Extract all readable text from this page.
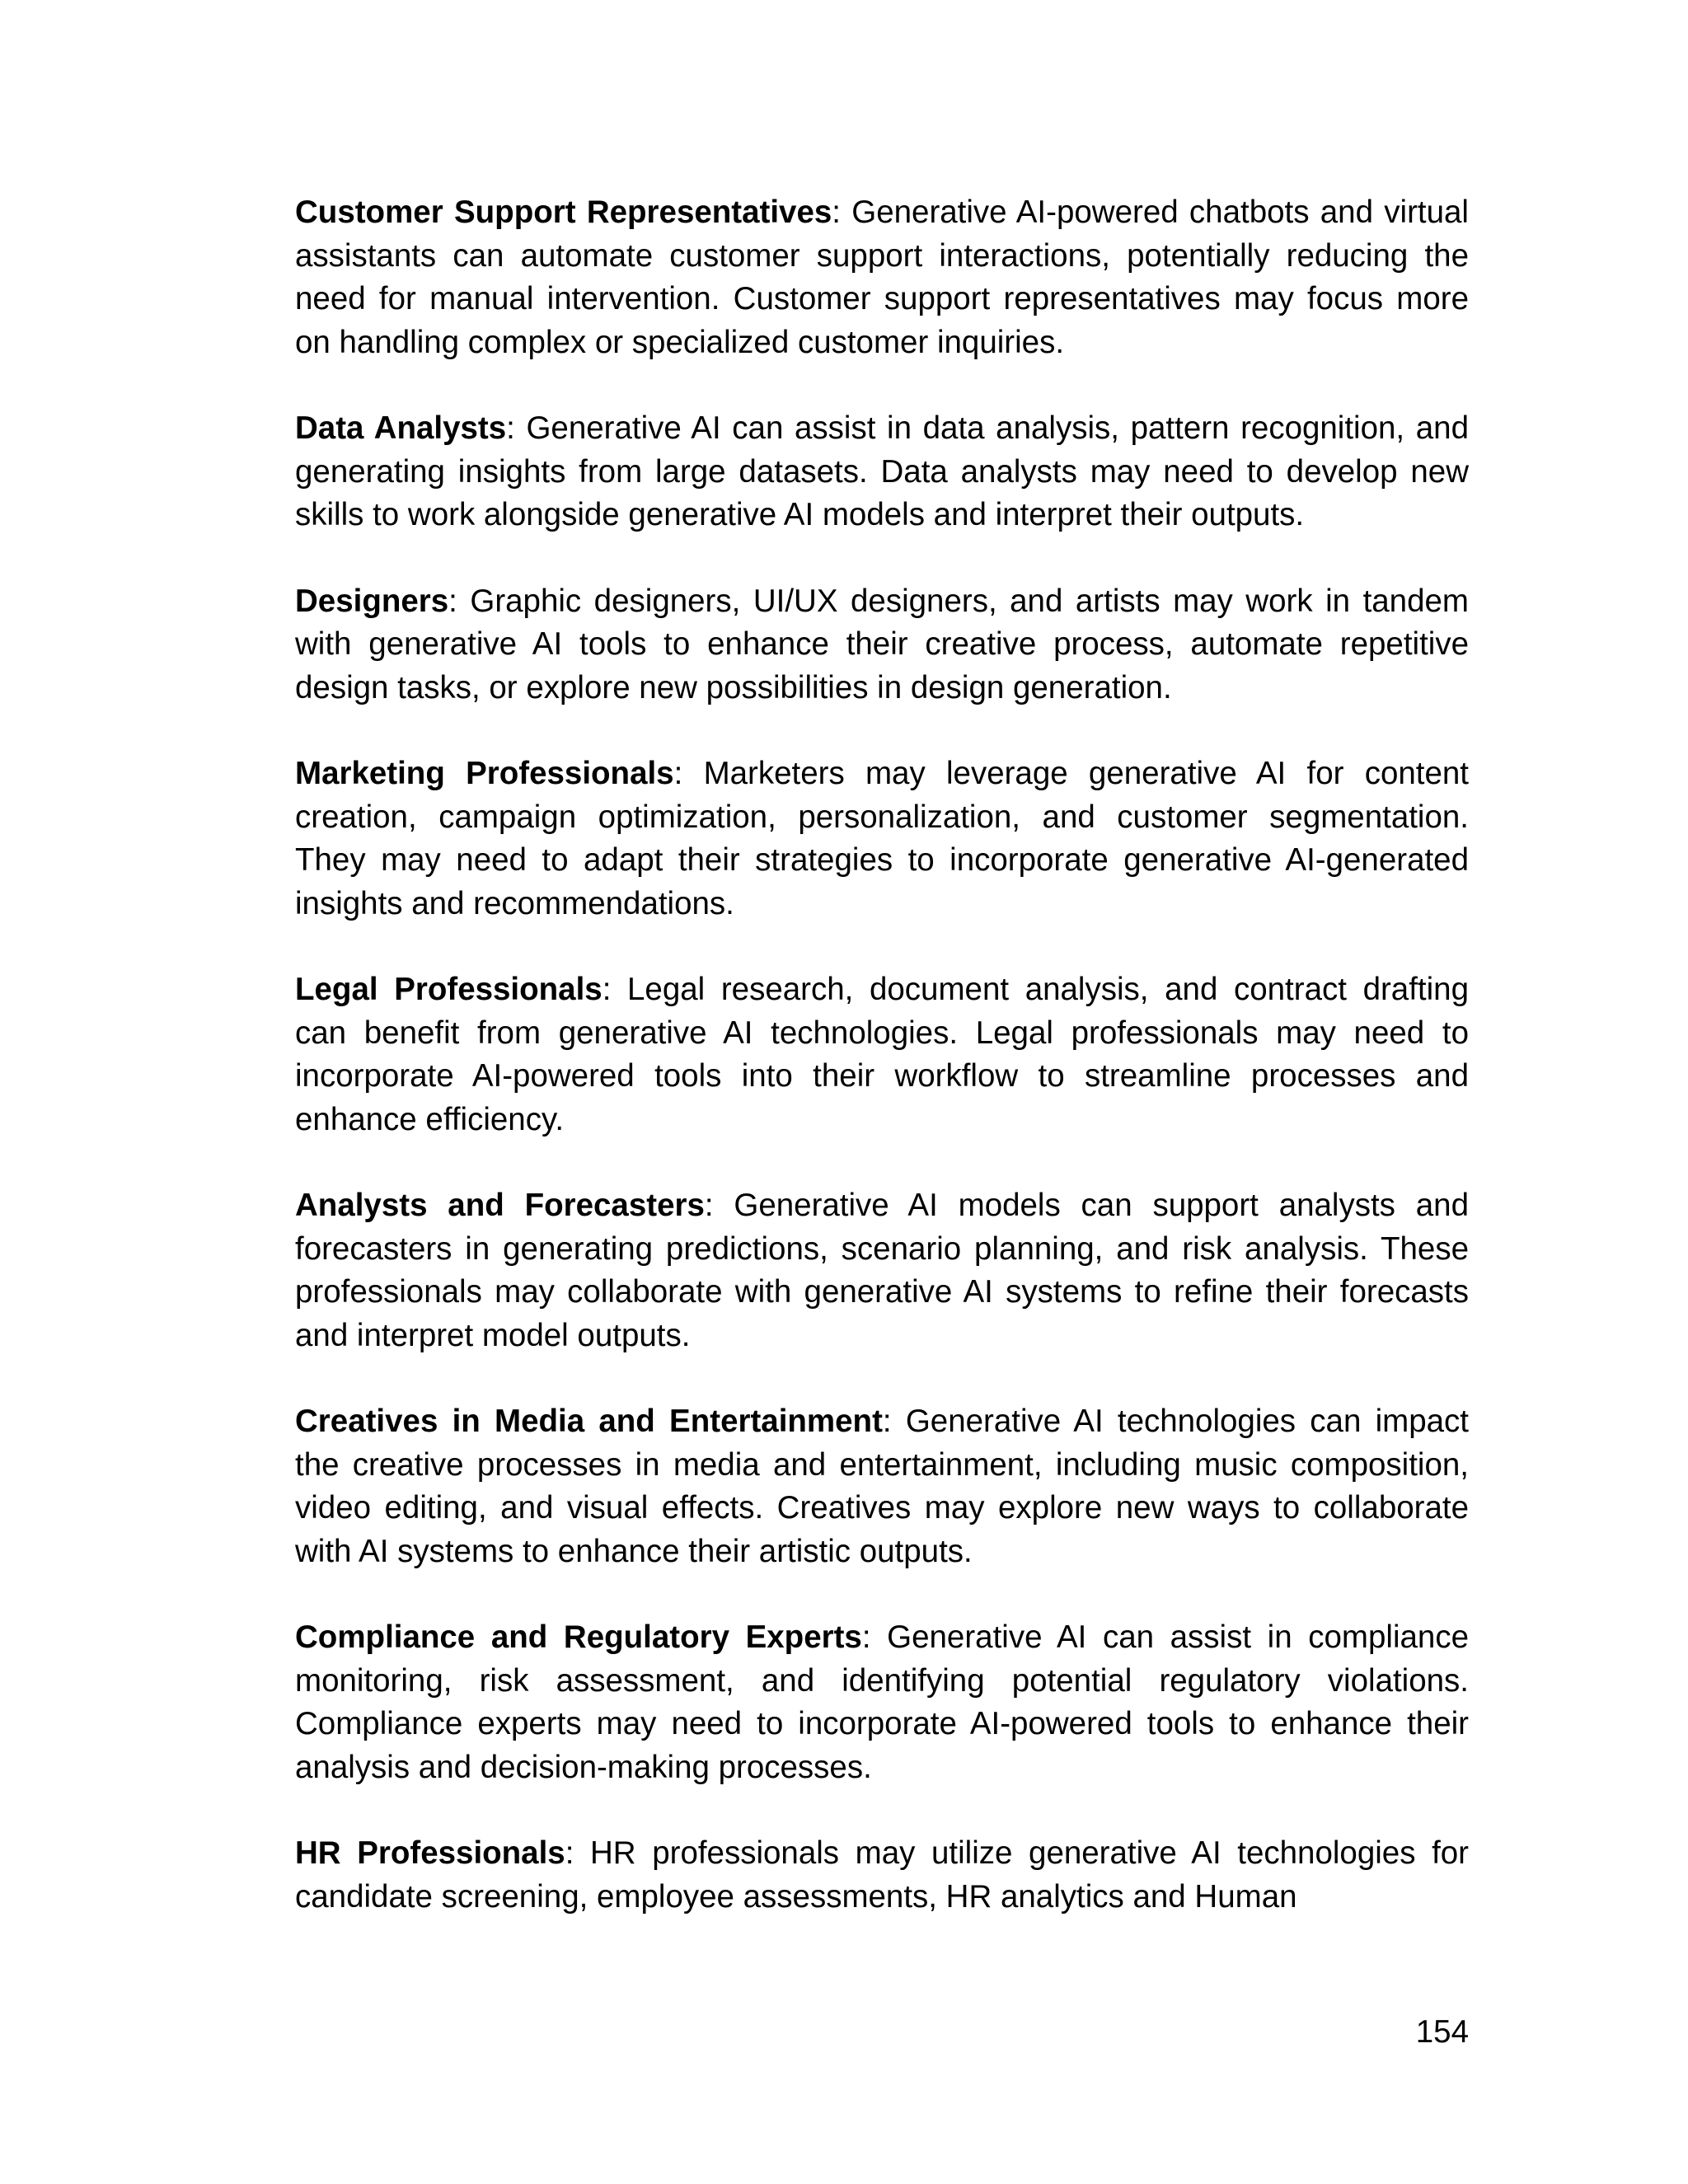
Customer Support Representatives: Generative AI-powered chatbots and virtual assistants can automate customer support interactions, potentially reducing the need for manual intervention. Customer support representatives may focus more on handling complex or specialized customer inquiries.

Data Analysts: Generative AI can assist in data analysis, pattern recognition, and generating insights from large datasets. Data analysts may need to develop new skills to work alongside generative AI models and interpret their outputs.

Designers: Graphic designers, UI/UX designers, and artists may work in tandem with generative AI tools to enhance their creative process, automate repetitive design tasks, or explore new possibilities in design generation.

Marketing Professionals: Marketers may leverage generative AI for content creation, campaign optimization, personalization, and customer segmentation. They may need to adapt their strategies to incorporate generative AI-generated insights and recommendations.

Legal Professionals: Legal research, document analysis, and contract drafting can benefit from generative AI technologies. Legal professionals may need to incorporate AI-powered tools into their workflow to streamline processes and enhance efficiency.

Analysts and Forecasters: Generative AI models can support analysts and forecasters in generating predictions, scenario planning, and risk analysis. These professionals may collaborate with generative AI systems to refine their forecasts and interpret model outputs.

Creatives in Media and Entertainment: Generative AI technologies can impact the creative processes in media and entertainment, including music composition, video editing, and visual effects. Creatives may explore new ways to collaborate with AI systems to enhance their artistic outputs.

Compliance and Regulatory Experts: Generative AI can assist in compliance monitoring, risk assessment, and identifying potential regulatory violations. Compliance experts may need to incorporate AI-powered tools to enhance their analysis and decision-making processes.

HR Professionals: HR professionals may utilize generative AI technologies for candidate screening, employee assessments, HR analytics and Human

154
